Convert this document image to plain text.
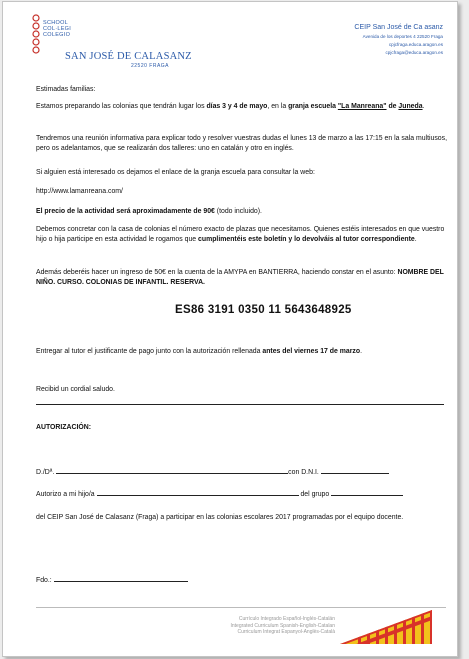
SCHOOL
COL·LEGI
COLEGIO
SAN JOSÉ DE CALASANZ
22520 FRAGA
CEIP San José de Ca asanz
Avenida de los deportes 4 22520 Fraga
cpjcfraga.educa.aragon.es
cpjcfraga@educa.aragon.es
Estimadas familias:
Estamos preparando las colonias que tendrán lugar los días 3 y 4 de mayo, en la granja escuela "La Manreana" de Juneda.
Tendremos una reunión informativa para explicar todo y resolver vuestras dudas el lunes 13 de marzo a las 17:15 en la sala multiusos, pero os adelantamos, que se realizarán dos talleres: uno en catalán y otro en inglés.
Si alguien está interesado os dejamos el enlace de la granja escuela para consultar la web:
http://www.lamanreana.com/
El precio de la actividad será aproximadamente de 90€ (todo incluido).
Debemos concretar con la casa de colonias el número exacto de plazas que necesitamos. Quienes estéis interesados en que vuestro hijo o hija participe en esta actividad le rogamos que cumplimentéis este boletín y lo devolváis al tutor correspondiente.
Además deberéis hacer un ingreso de 50€ en la cuenta de la AMYPA en BANTIERRA, haciendo constar en el asunto: NOMBRE DEL NIÑO. CURSO. COLONIAS DE INFANTIL. RESERVA.
ES86 3191 0350 11 5643648925
Entregar al tutor el justificante de pago junto con la autorización rellenada antes del viernes 17 de marzo.
Recibid un cordial saludo.
AUTORIZACIÓN:
D./Dª.	con D.N.I.
Autorizo a mi hijo/a	del grupo
del CEIP San José de Calasanz (Fraga) a participar en las colonias escolares 2017 programadas por el equipo docente.
Fdo.:
Currículo Integrado Español-Inglés-Catalán
Integrated Curriculum Spanish-English-Catalan
Curriculum Integrat Espanyol-Anglès-Català
